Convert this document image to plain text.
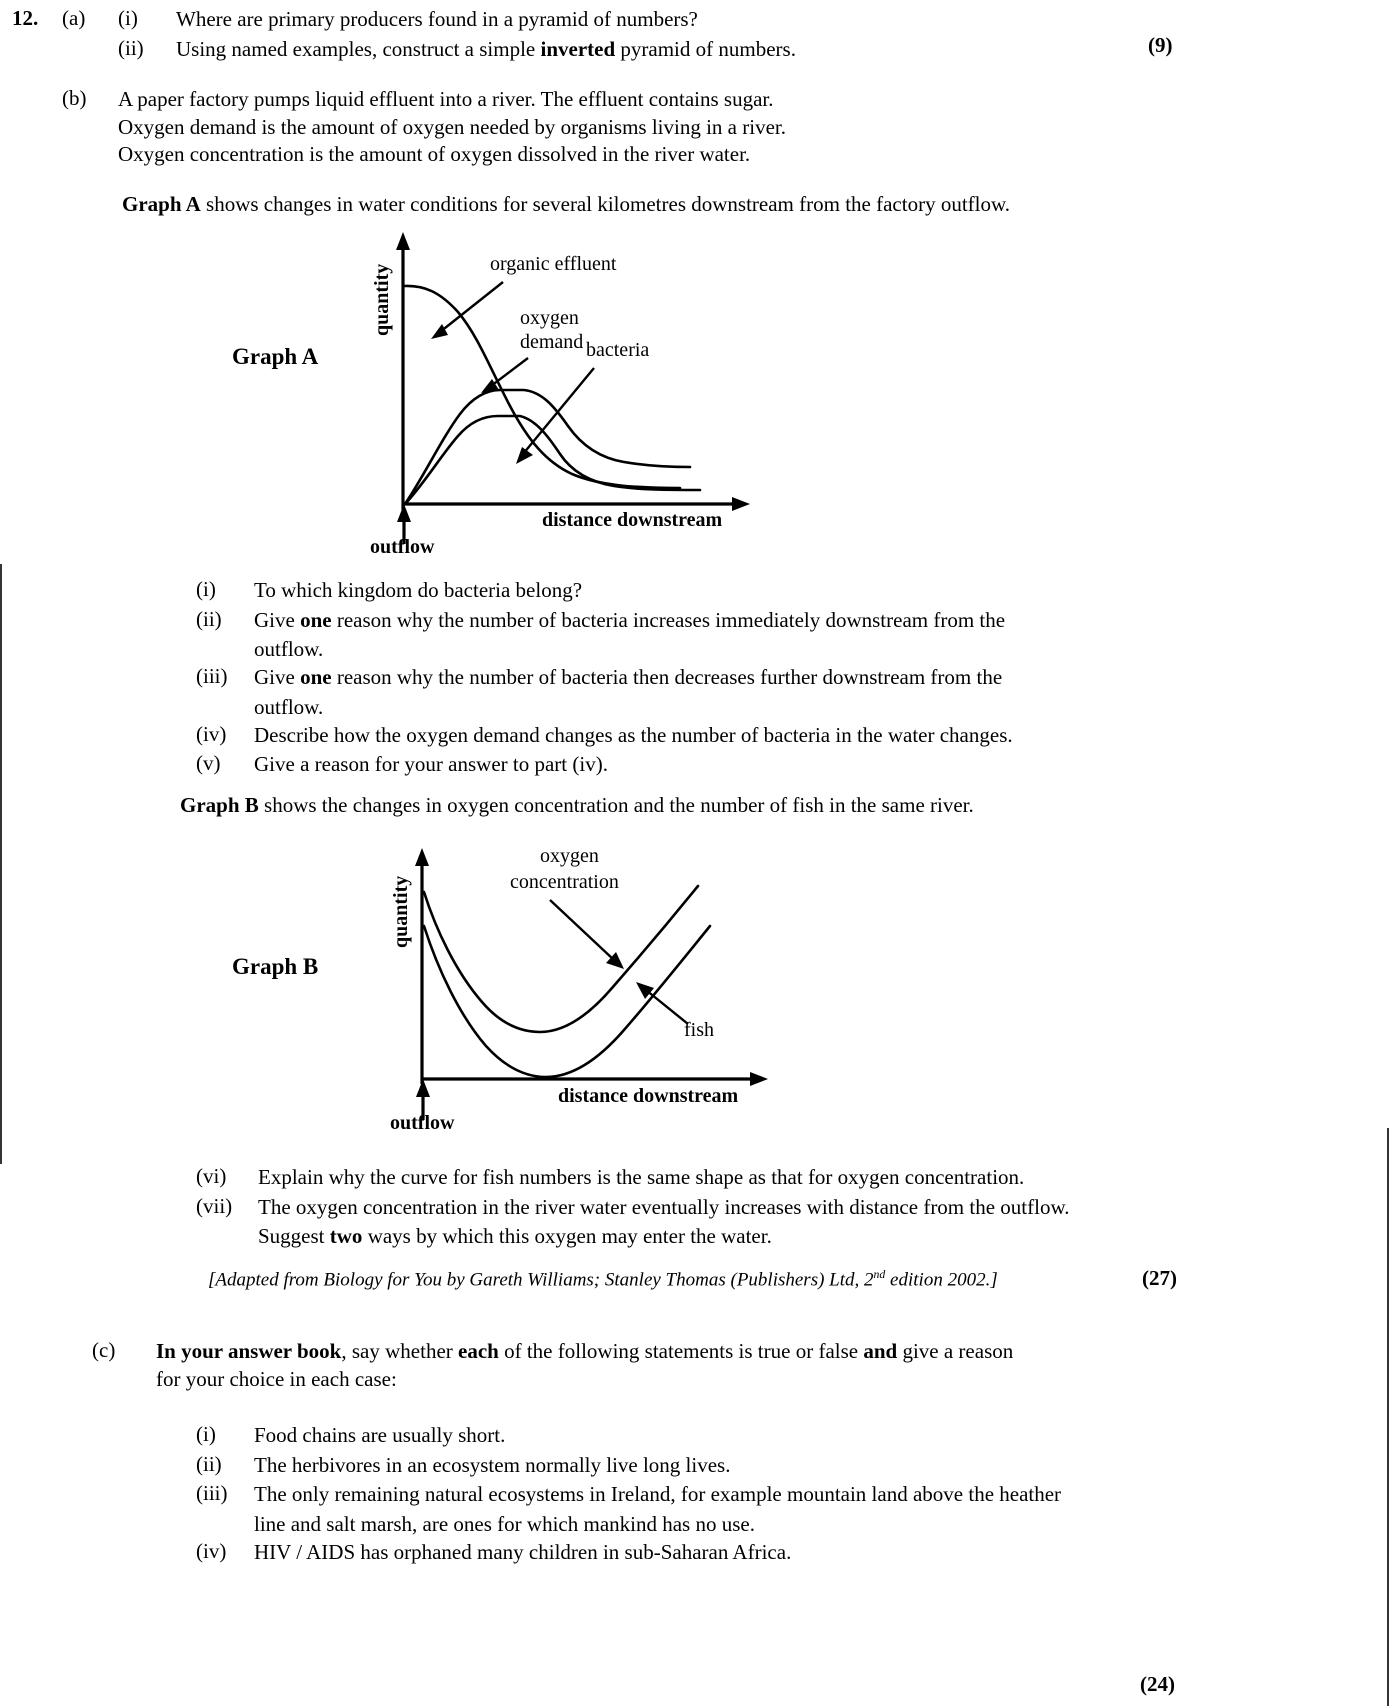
12.	(a)	(i)	Where are primary producers found in a pyramid of numbers?
(ii)	Using named examples, construct a simple inverted pyramid of numbers.	(9)
(b)	A paper factory pumps liquid effluent into a river. The effluent contains sugar.
Oxygen demand is the amount of oxygen needed by organisms living in a river.
Oxygen concentration is the amount of oxygen dissolved in the river water.
Graph A shows changes in water conditions for several kilometres downstream from the factory outflow.
Graph A
organic effluent
oxygen
demand bacteria
quantity
distance downstream
outflow
(i)	To which kingdom do bacteria belong?
(ii)	Give one reason why the number of bacteria increases immediately downstream from the
outflow.
(iii)	Give one reason why the number of bacteria then decreases further downstream from the
outflow.
(iv)	Describe how the oxygen demand changes as the number of bacteria in the water changes.
(v)	Give a reason for your answer to part (iv).
Graph B shows the changes in oxygen concentration and the number of fish in the same river.
Graph B
oxygen
concentration
fish
quantity
distance downstream
outflow
(vi)	Explain why the curve for fish numbers is the same shape as that for oxygen concentration.
(vii)	The oxygen concentration in the river water eventually increases with distance from the outflow.
Suggest two ways by which this oxygen may enter the water.
[Adapted from Biology for You by Gareth Williams; Stanley Thomas (Publishers) Ltd, 2nd edition 2002.]	(27)
(c)	In your answer book, say whether each of the following statements is true or false and give a reason
for your choice in each case:
(i)	Food chains are usually short.
(ii)	The herbivores in an ecosystem normally live long lives.
(iii)	The only remaining natural ecosystems in Ireland, for example mountain land above the heather
line and salt marsh, are ones for which mankind has no use.
(iv)	HIV / AIDS has orphaned many children in sub-Saharan Africa.
(24)
